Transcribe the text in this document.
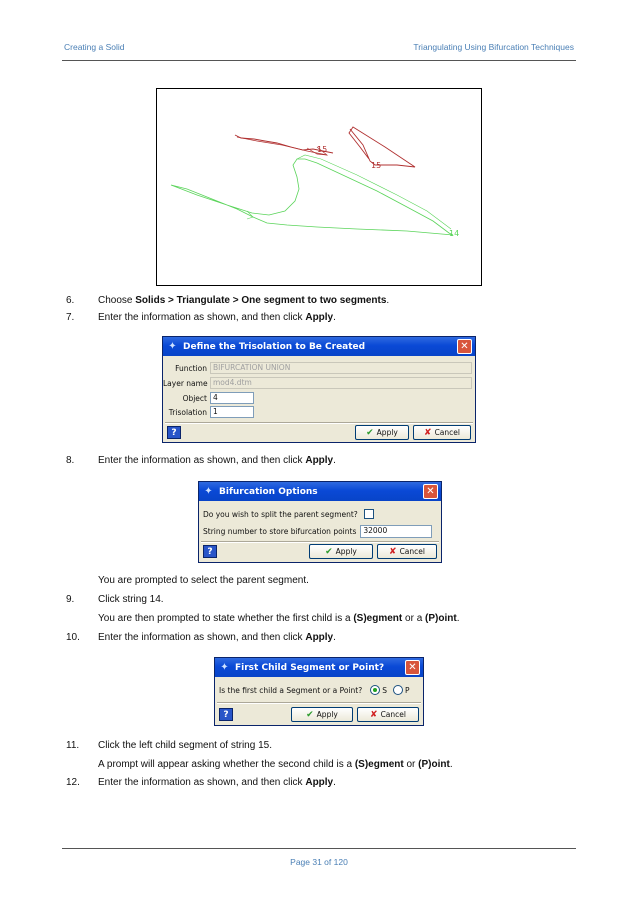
Creating a Solid	Triangulating Using Bifurcation Techniques
15
15
14
6. Choose Solids > Triangulate > One segment to two segments.
7. Enter the information as shown, and then click Apply.
✦ Define the Trisolation to Be Created	✕
Function BIFURCATION UNION
Layer name mod4.dtm
Object 4
Trisolation 1
?	✔ Apply	✘ Cancel
8. Enter the information as shown, and then click Apply.
✦ Bifurcation Options	✕
Do you wish to split the parent segment?
String number to store bifurcation points 32000
?	✔ Apply	✘ Cancel
You are prompted to select the parent segment.
9. Click string 14.
You are then prompted to state whether the first child is a (S)egment or a (P)oint.
10. Enter the information as shown, and then click Apply.
✦ First Child Segment or Point?	✕
Is the first child a Segment or a Point?	S P
?	✔ Apply	✘ Cancel
11. Click the left child segment of string 15.
A prompt will appear asking whether the second child is a (S)egment or (P)oint.
12. Enter the information as shown, and then click Apply.
Page 31 of 120
